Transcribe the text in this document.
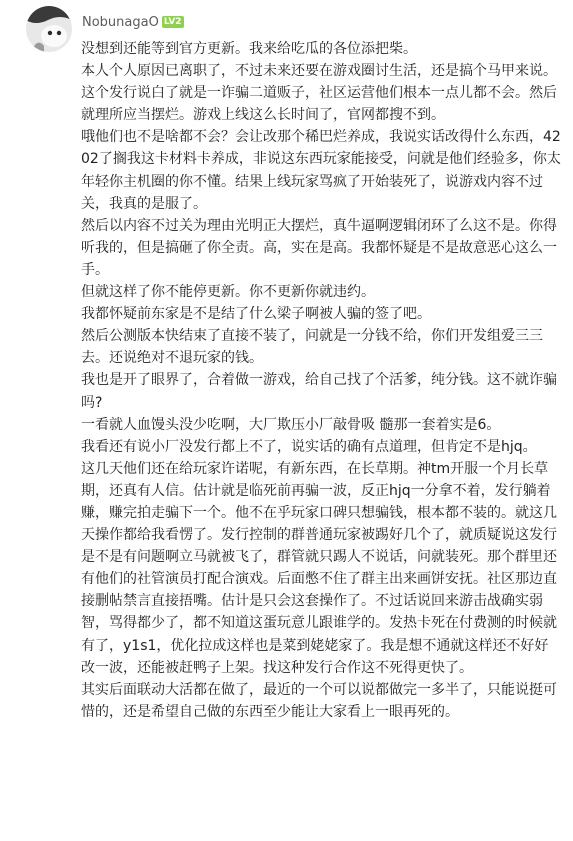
NobunagaO LV2

没想到还能等到官方更新。我来给吃瓜的各位添把柴。

本人个人原因已离职了，不过未来还要在游戏圈讨生活，还是搞个马甲来说。

这个发行说白了就是一诈骗二道贩子，社区运营他们根本一点儿都不会。然后就理所应当摆烂。游戏上线这么长时间了，官网都搜不到。

哦他们也不是啥都不会？会让改那个稀巴烂养成，我说实话改得什么东西，4202了搁我这卡材料卡养成，非说这东西玩家能接受，问就是他们经验多，你太年轻你主机圈的你不懂。结果上线玩家骂疯了开始装死了，说游戏内容不过关，我真的是服了。

然后以内容不过关为理由光明正大摆烂，真牛逼啊逻辑闭环了么这不是。你得听我的，但是搞砸了你全责。高，实在是高。我都怀疑是不是故意恶心这么一手。

但就这样了你不能停更新。你不更新你就违约。

我都怀疑前东家是不是结了什么梁子啊被人骗的签了吧。

然后公测版本快结束了直接不装了，问就是一分钱不给，你们开发组爱三三去。还说绝对不退玩家的钱。

我也是开了眼界了，合着做一游戏，给自己找了个活爹，纯分钱。这不就诈骗吗?

一看就人血馒头没少吃啊，大厂欺压小厂敲骨吸 髓那一套着实是6。

我看还有说小厂没发行都上不了，说实话的确有点道理，但肯定不是hjq。

这几天他们还在给玩家许诺呢，有新东西，在长草期。神tm开服一个月长草期，还真有人信。估计就是临死前再骗一波，反正hjq一分拿不着，发行躺着赚，赚完拍走骗下一个。他不在乎玩家口碑只想骗钱，根本都不装的。就这几天操作都给我看愣了。发行控制的群普通玩家被踢好几个了，就质疑说这发行是不是有问题啊立马就被飞了，群管就只踢人不说话，问就装死。那个群里还有他们的社管演员打配合演戏。后面憋不住了群主出来画饼安抚。社区那边直接删帖禁言直接捂嘴。估计是只会这套操作了。不过话说回来游击战确实弱智，骂得都少了，都不知道这蛋玩意儿跟谁学的。发热卡死在付费测的时候就有了，y1s1，优化拉成这样也是菜到姥姥家了。我是想不通就这样还不好好改一波，还能被赶鸭子上架。找这种发行合作这不死得更快了。

其实后面联动大活都在做了，最近的一个可以说都做完一多半了，只能说挺可惜的，还是希望自己做的东西至少能让大家看上一眼再死的。
